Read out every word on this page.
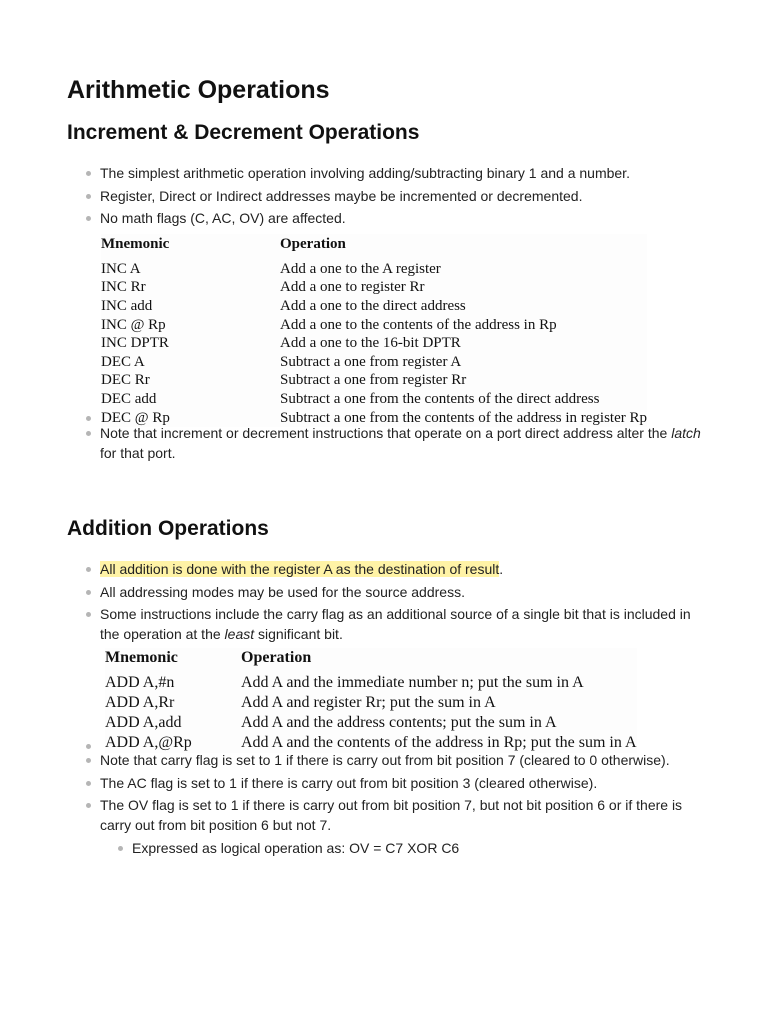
Arithmetic Operations
Increment & Decrement Operations
The simplest arithmetic operation involving adding/subtracting binary 1 and a number.
Register, Direct or Indirect addresses maybe be incremented or decremented.
No math flags (C, AC, OV) are affected.
Mnemonic	Operation
INC A	Add a one to the A register
INC Rr	Add a one to register Rr
INC add	Add a one to the direct address
INC @ Rp	Add a one to the contents of the address in Rp
INC DPTR	Add a one to the 16-bit DPTR
DEC A	Subtract a one from register A
DEC Rr	Subtract a one from register Rr
DEC add	Subtract a one from the contents of the direct address
DEC @ Rp	Subtract a one from the contents of the address in register Rp
Note that increment or decrement instructions that operate on a port direct address alter the latch for that port.
Addition Operations
All addition is done with the register A as the destination of result.
All addressing modes may be used for the source address.
Some instructions include the carry flag as an additional source of a single bit that is included in the operation at the least significant bit.
Mnemonic	Operation
ADD A,#n	Add A and the immediate number n; put the sum in A
ADD A,Rr	Add A and register Rr; put the sum in A
ADD A,add	Add A and the address contents; put the sum in A
ADD A,@Rp	Add A and the contents of the address in Rp; put the sum in A
Note that carry flag is set to 1 if there is carry out from bit position 7 (cleared to 0 otherwise).
The AC flag is set to 1 if there is carry out from bit position 3 (cleared otherwise).
The OV flag is set to 1 if there is carry out from bit position 7, but not bit position 6 or if there is carry out from bit position 6 but not 7.
Expressed as logical operation as: OV = C7 XOR C6
